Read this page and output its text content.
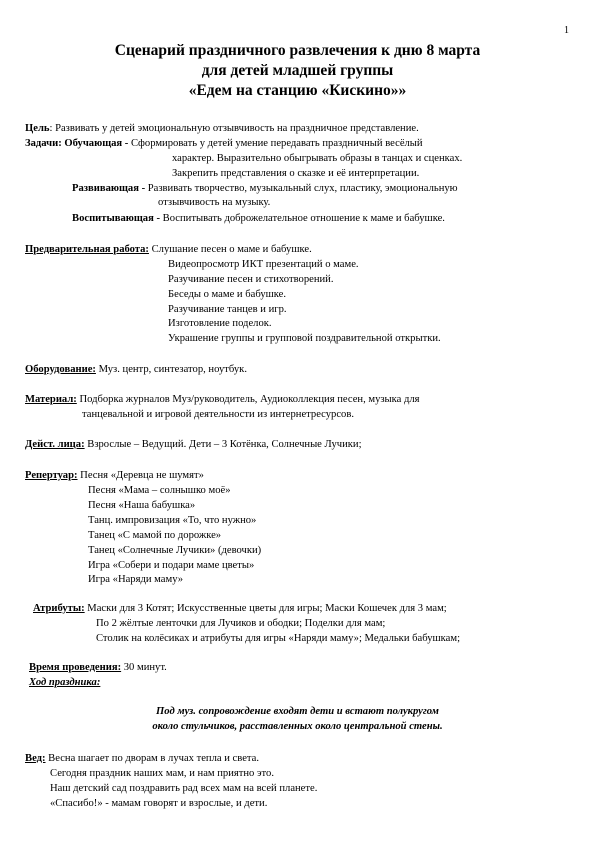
1
Сценарий праздничного развлечения к дню 8 марта
для детей младшей группы
«Едем на станцию «Кискино»»
Цель: Развивать у детей эмоциональную отзывчивость на праздничное представление.
Задачи: Обучающая - Сформировать у детей умение передавать праздничный весёлый
характер. Выразительно обыгрывать образы в танцах и сценках.
Закрепить представления о сказке и её интерпретации.
Развивающая - Развивать творчество, музыкальный слух, пластику, эмоциональную
отзывчивость на музыку.
Воспитывающая - Воспитывать доброжелательное отношение к маме и бабушке.
Предварительная работа: Слушание песен о маме и бабушке.
Видеопросмотр ИКТ презентаций о маме.
Разучивание песен и стихотворений.
Беседы о маме и бабушке.
Разучивание танцев и игр.
Изготовление поделок.
Украшение группы и групповой поздравительной открытки.
Оборудование: Муз. центр, синтезатор, ноутбук.
Материал: Подборка журналов Муз/руководитель, Аудиоколлекция песен, музыка для
танцевальной и игровой деятельности из интернетресурсов.
Дейст. лица: Взрослые – Ведущий. Дети – 3 Котёнка, Солнечные Лучики;
Репертуар: Песня «Деревца не шумят»
Песня «Мама – солнышко моё»
Песня «Наша бабушка»
Танц. импровизация «То, что нужно»
Танец «С мамой по дорожке»
Танец «Солнечные Лучики» (девочки)
Игра «Собери и подари маме цветы»
Игра «Наряди маму»
Атрибуты: Маски для 3 Котят; Искусственные цветы для игры; Маски Кошечек для 3 мам;
По 2 жёлтые ленточки для Лучиков и ободки; Поделки для мам;
Столик на колёсиках и атрибуты для игры «Наряди маму»; Медальки бабушкам;
Время проведения: 30 минут.
Ход праздника:
Под муз. сопровождение входят дети и встают полукругом
около стульчиков, расставленных около центральной стены.
Вед: Весна шагает по дворам в лучах тепла и света.
Сегодня праздник наших мам, и нам приятно это.
Наш детский сад поздравить рад всех мам на всей планете.
«Спасибо!» - мамам говорят и взрослые, и дети.
